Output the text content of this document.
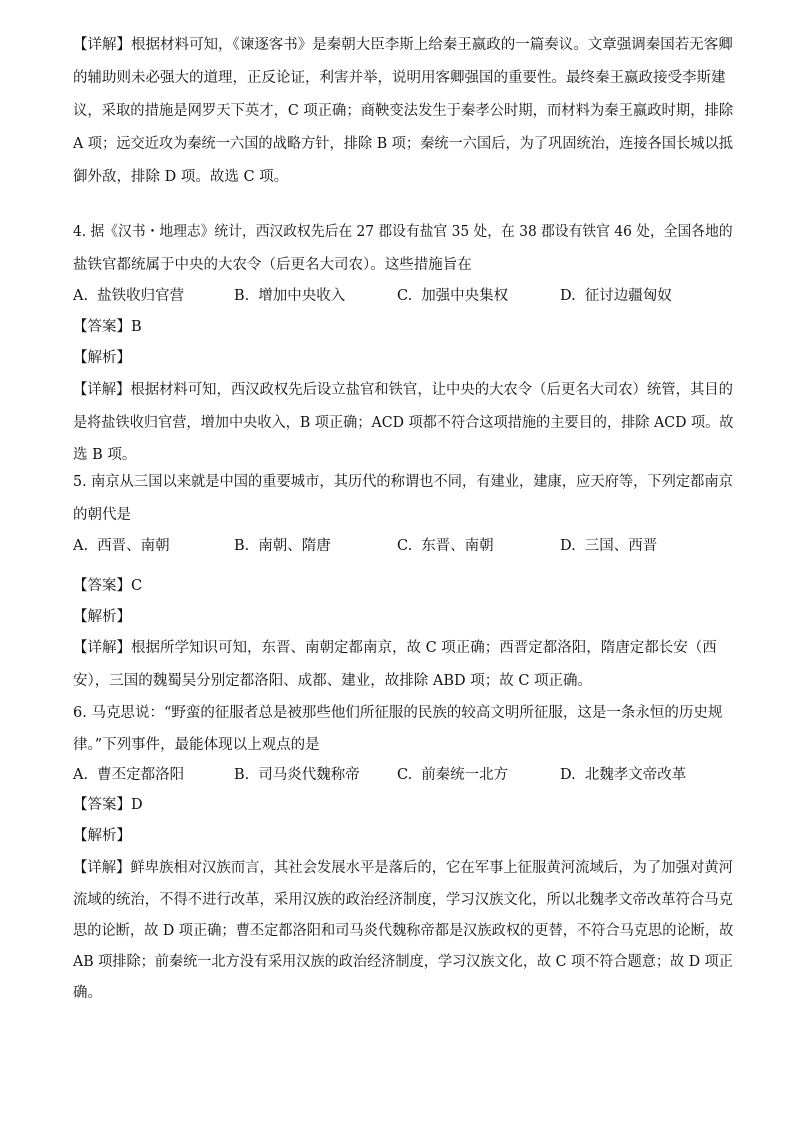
【详解】根据材料可知，《谏逐客书》是秦朝大臣李斯上给秦王嬴政的一篇奏议。文章强调秦国若无客卿
的辅助则未必强大的道理，正反论证，利害并举，说明用客卿强国的重要性。最终秦王嬴政接受李斯建
议，采取的措施是网罗天下英才，C 项正确；商鞅变法发生于秦孝公时期，而材料为秦王嬴政时期，排除
A 项；远交近攻为秦统一六国的战略方针，排除 B 项；秦统一六国后，为了巩固统治，连接各国长城以抵
御外敌，排除 D 项。故选 C 项。
4. 据《汉书・地理志》统计，西汉政权先后在 27 郡设有盐官 35 处，在 38 郡设有铁官 46 处，全国各地的
盐铁官都统属于中央的大农令（后更名大司农）。这些措施旨在
A. 盐铁收归官营	B. 增加中央收入	C. 加强中央集权	D. 征讨边疆匈奴
【答案】B
【解析】
【详解】根据材料可知，西汉政权先后设立盐官和铁官，让中央的大农令（后更名大司农）统管，其目的
是将盐铁收归官营，增加中央收入，B 项正确；ACD 项都不符合这项措施的主要目的，排除 ACD 项。故
选 B 项。
5. 南京从三国以来就是中国的重要城市，其历代的称谓也不同，有建业，建康，应天府等，下列定都南京
的朝代是
A. 西晋、南朝	B. 南朝、隋唐	C. 东晋、南朝	D. 三国、西晋
【答案】C
【解析】
【详解】根据所学知识可知，东晋、南朝定都南京，故 C 项正确；西晋定都洛阳，隋唐定都长安（西
安），三国的魏蜀吴分别定都洛阳、成都、建业，故排除 ABD 项；故 C 项正确。
6. 马克思说：“野蛮的征服者总是被那些他们所征服的民族的较高文明所征服，这是一条永恒的历史规
律。”下列事件，最能体现以上观点的是
A. 曹丕定都洛阳	B. 司马炎代魏称帝	C. 前秦统一北方	D. 北魏孝文帝改革
【答案】D
【解析】
【详解】鲜卑族相对汉族而言，其社会发展水平是落后的，它在军事上征服黄河流域后，为了加强对黄河
流域的统治，不得不进行改革，采用汉族的政治经济制度，学习汉族文化，所以北魏孝文帝改革符合马克
思的论断，故 D 项正确；曹丕定都洛阳和司马炎代魏称帝都是汉族政权的更替，不符合马克思的论断，故
AB 项排除；前秦统一北方没有采用汉族的政治经济制度，学习汉族文化，故 C 项不符合题意；故 D 项正
确。
